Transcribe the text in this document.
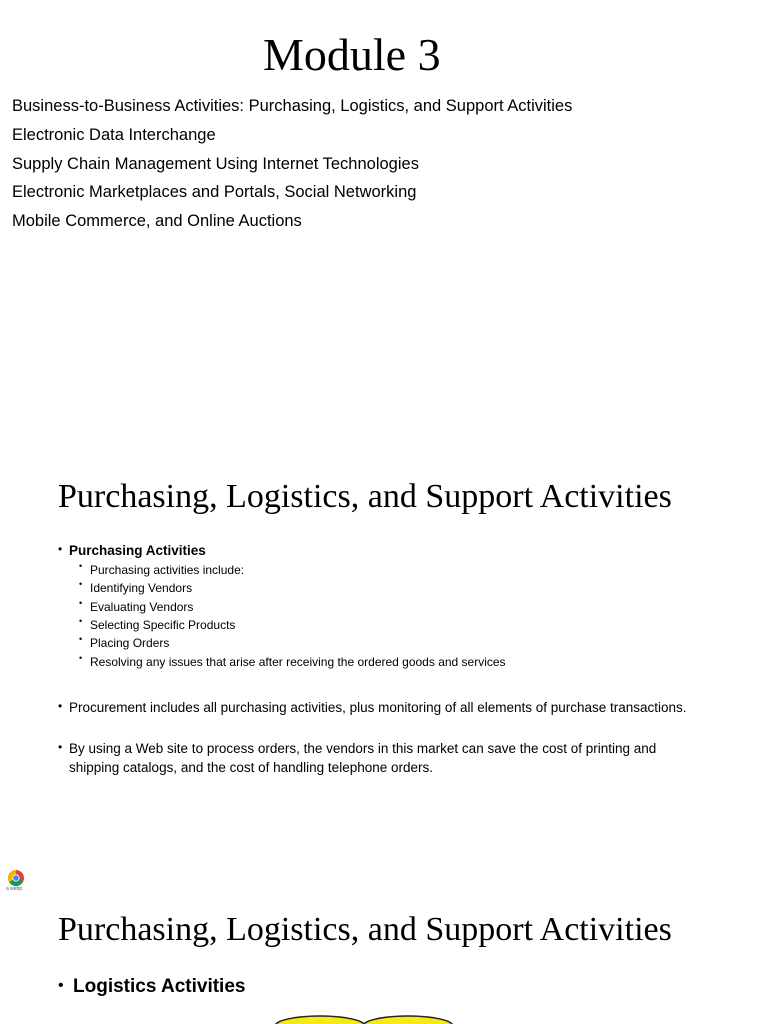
Module 3

Business-to-Business Activities: Purchasing, Logistics, and Support Activities

Electronic Data Interchange

Supply Chain Management Using Internet Technologies

Electronic Marketplaces and Portals, Social Networking

Mobile Commerce, and Online Auctions

Purchasing, Logistics, and Support Activities
• Purchasing Activities

• Purchasing activities include:

• Identifying Vendors

• Evaluating Vendors

• Selecting Specific Products

• Placing Orders

• Resolving any issues that arise after receiving the ordered goods and services

• Procurement includes all purchasing activities, plus monitoring of all elements of purchase transactions.

• By using a Web site to process orders, the vendors in this market can save the cost of printing and shipping catalogs, and the cost of handling telephone orders.

a webp
Purchasing, Logistics, and Support Activities
• Logistics Activities
